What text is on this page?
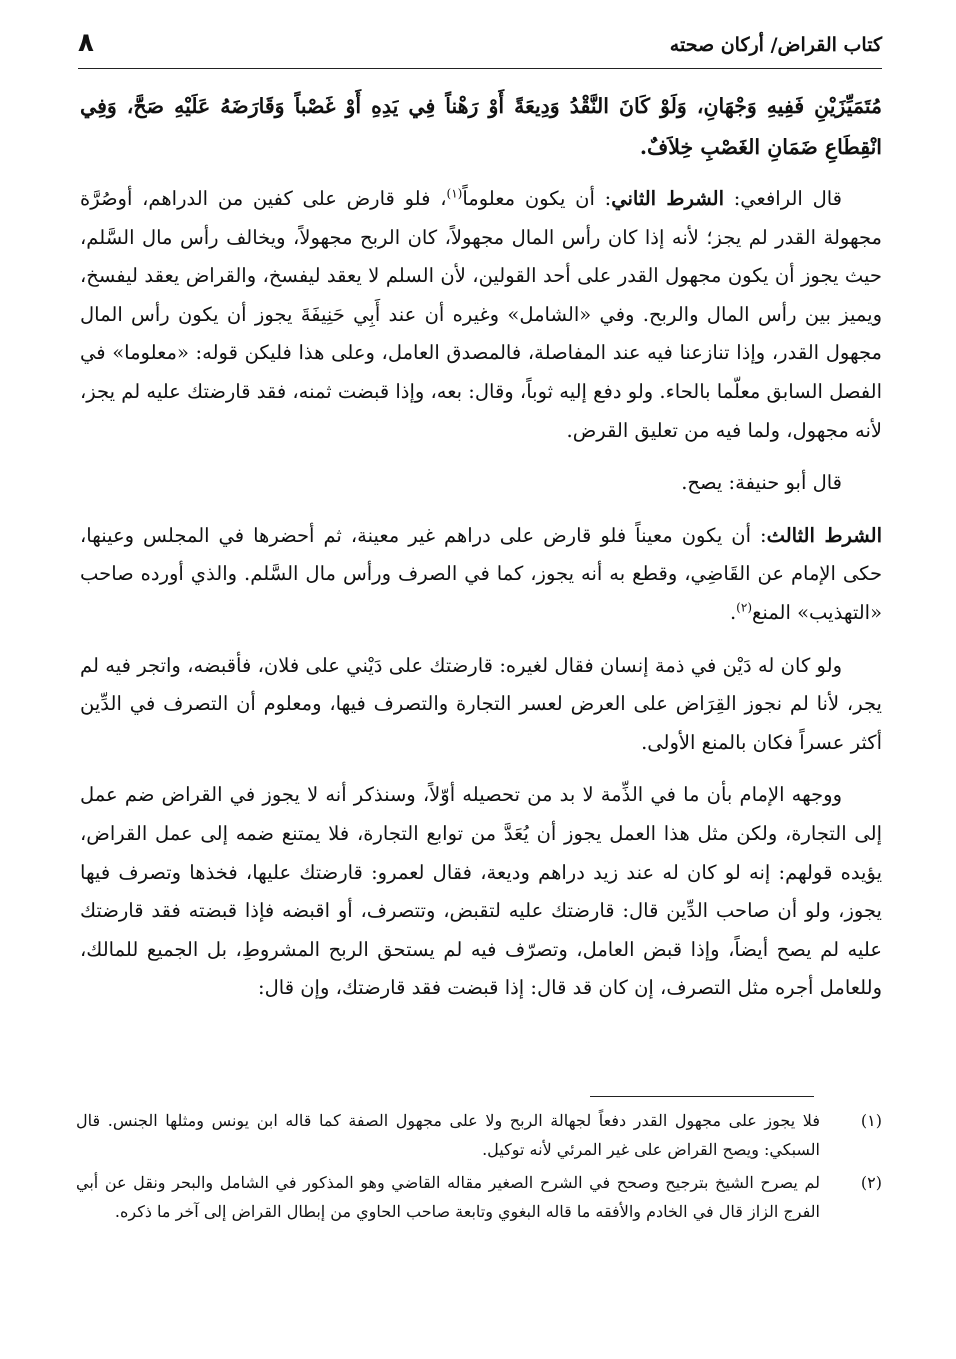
كتاب القراض/ أركان صحته
٨

مُتَمَيِّزَيْنِ فَفِيهِ وَجْهَانِ، وَلَوْ كَانَ النَّقْدُ وَدِيعَةً أَوْ رَهْناً فِي يَدِهِ أَوْ غَصْباً وَقَارَضَهُ عَلَيْهِ صَحَّ، وَفِي انْقِطَاعِ ضَمَانِ الغَصْبِ خِلاَفٌ.

قال الرافعي: الشرط الثاني: أن يكون معلوماً$^{(١)}$، فلو قارض على كفين من الدراهم، أوصُرَّة مجهولة القدر لم يجز؛ لأنه إذا كان رأس المال مجهولاً، كان الربح مجهولاً، ويخالف رأس مال السَّلم، حيث يجوز أن يكون مجهول القدر على أحد القولين، لأن السلم لا يعقد ليفسخ، والقراض يعقد ليفسخ، ويميز بين رأس المال والربح. وفي «الشامل» وغيره أن عند أَبِي حَنِيفَةَ يجوز أن يكون رأس المال مجهول القدر، وإذا تنازعنا فيه عند المفاصلة، فالمصدق العامل، وعلى هذا فليكن قوله: «معلوما» في الفصل السابق معلّما بالحاء. ولو دفع إليه ثوباً، وقال: بعه، وإذا قبضت ثمنه، فقد قارضتك عليه لم يجز، لأنه مجهول، ولما فيه من تعليق القرض.

قال أبو حنيفة: يصح.

الشرط الثالث: أن يكون معيناً فلو قارض على دراهم غير معينة، ثم أحضرها في المجلس وعينها، حكى الإمام عن القَاضِي، وقطع به أنه يجوز، كما في الصرف ورأس مال السَّلم. والذي أورده صاحب «التهذيب» المنع$^{(٢)}$.

ولو كان له دَيْن في ذمة إنسان فقال لغيره: قارضتك على دَيْني على فلان، فأقبضه، واتجر فيه لم يجر، لأنا لم نجوز القِرَاض على العرض لعسر التجارة والتصرف فيها، ومعلوم أن التصرف في الدِّين أكثر عسراً فكان بالمنع الأولى.

ووجهه الإمام بأن ما في الذِّمة لا بد من تحصيله أوّلاً، وسنذكر أنه لا يجوز في القراض ضم عمل إلى التجارة، ولكن مثل هذا العمل يجوز أن يُعَدَّ من توابع التجارة، فلا يمتنع ضمه إلى عمل القراض، يؤيده قولهم: إنه لو كان له عند زيد دراهم وديعة، فقال لعمرو: قارضتك عليها، فخذها وتصرف فيها يجوز، ولو أن صاحب الدِّين قال: قارضتك عليه لتقبض، وتتصرف، أو اقبضه فإذا قبضته فقد قارضتك عليه لم يصح أيضاً، وإذا قبض العامل، وتصرّف فيه لم يستحق الربح المشروطِ، بل الجميع للمالك، وللعامل أجره مثل التصرف، إن كان قد قال: إذا قبضت فقد قارضتك، وإن قال:

(١)
فلا يجوز على مجهول القدر دفعاً لجهالة الربح ولا على مجهول الصفة كما قاله ابن يونس ومثلها الجنس. قال السبكي: ويصح القراض على غير المرئي لأنه توكيل.
(٢)
لم يصرح الشيخ بترجيح وصحح في الشرح الصغير مقاله القاضي وهو المذكور في الشامل والبحر ونقل عن أبي الفرج الزاز قال في الخادم والأفقه ما قاله البغوي وتابعة صاحب الحاوي من إبطال القراض إلى آخر ما ذكره.
